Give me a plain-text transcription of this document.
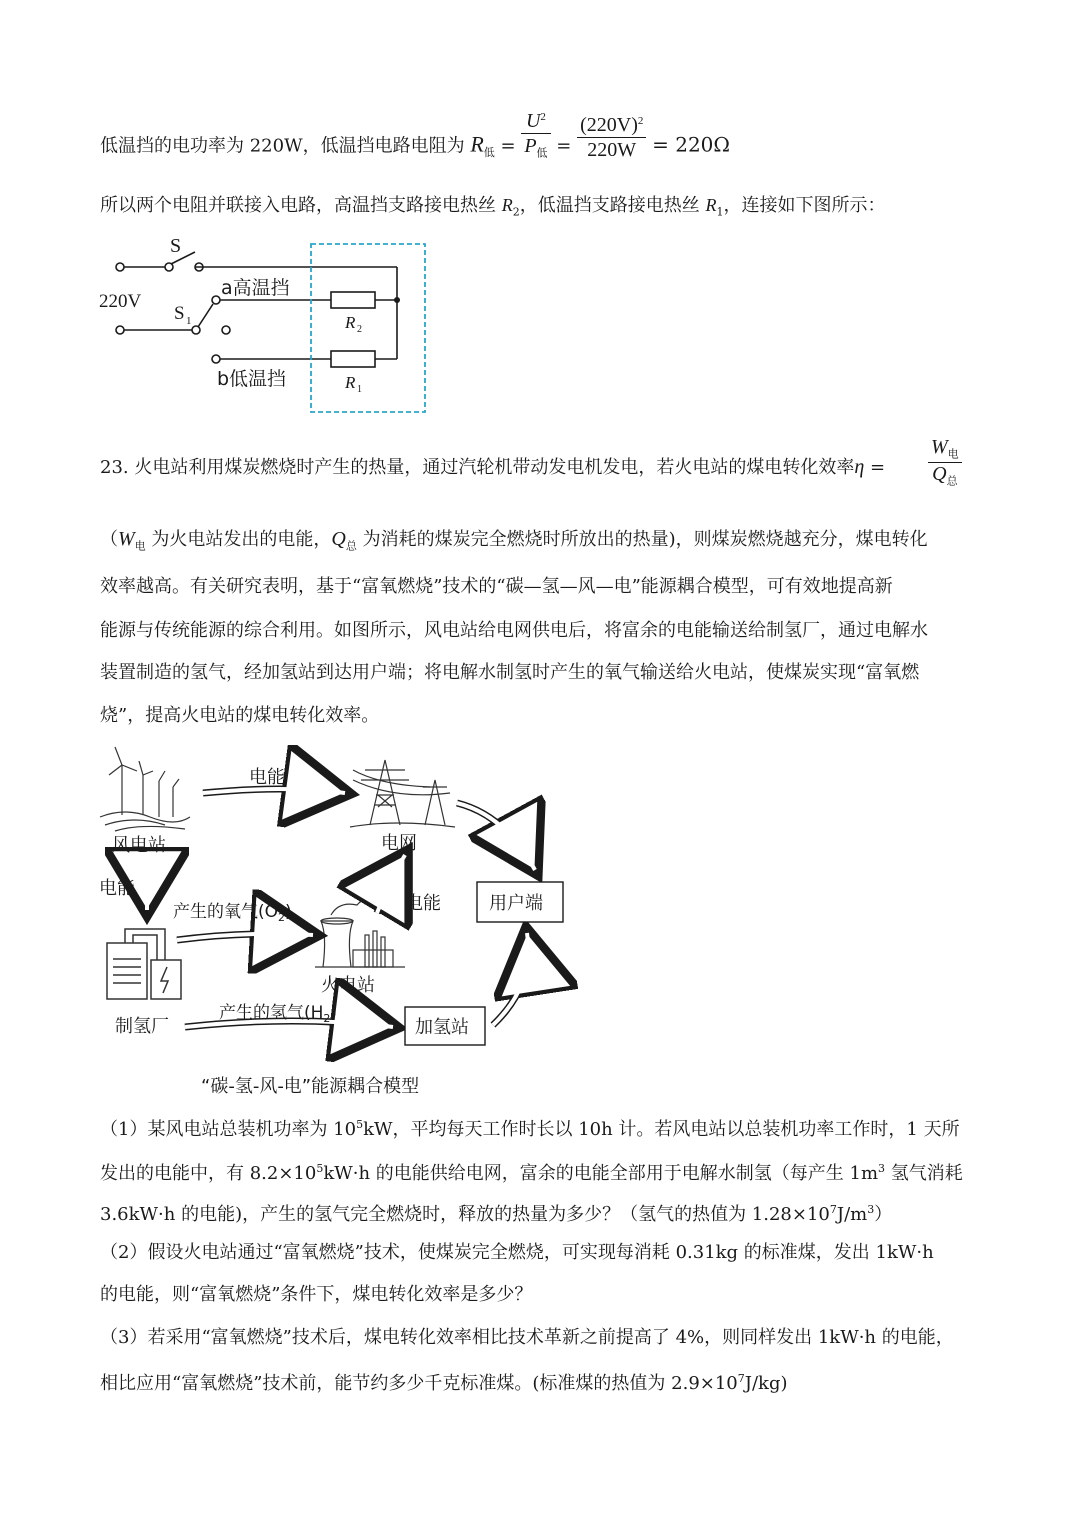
低温挡的电功率为 220W，低温挡电路电阻为 $R_低 = \frac{U^2}{P_低} = \frac{(220V)^2}{220W} = 220\Omega$
所以两个电阻并联接入电路，高温挡支路接电热丝 $R_2$，低温挡支路接电热丝 $R_1$，连接如下图所示：
S
220V
S 1
a高温挡
b低温挡
R 2
R 1
23. 火电站利用煤炭燃烧时产生的热量，通过汽轮机带动发电机发电，若火电站的煤电转化效率η =
$W_电$
$Q_总$
（$W_电$ 为火电站发出的电能，$Q_总$ 为消耗的煤炭完全燃烧时所放出的热量)，则煤炭燃烧越充分，煤电转化
效率越高。有关研究表明，基于“富氧燃烧”技术的“碳—氢—风—电”能源耦合模型，可有效地提高新
能源与传统能源的综合利用。如图所示，风电站给电网供电后，将富余的电能输送给制氢厂，通过电解水
装置制造的氢气，经加氢站到达用户端；将电解水制氢时产生的氧气输送给火电站，使煤炭实现“富氧燃
烧”，提高火电站的煤电转化效率。
风电站
电能
电网
电能
电能
产生的氧气$(O_2)$	用户端
火电站
制氢厂
产生的氢气$(H_2)$
加氢站
“碳-氢-风-电”能源耦合模型
（1）某风电站总装机功率为 $10^5kW$，平均每天工作时长以 10h 计。若风电站以总装机功率工作时，1 天所
发出的电能中，有 $8.2\times 10^5kW\cdot h$ 的电能供给电网，富余的电能全部用于电解水制氢（每产生 $1m^3$ 氢气消耗
3.6kW·h 的电能)，产生的氢气完全燃烧时，释放的热量为多少？（氢气的热值为 $1.28\times 10^7J/m^3$）
（2）假设火电站通过“富氧燃烧”技术，使煤炭完全燃烧，可实现每消耗 0.31kg 的标准煤，发出 1kW·h
的电能，则“富氧燃烧”条件下，煤电转化效率是多少？
（3）若采用“富氧燃烧”技术后，煤电转化效率相比技术革新之前提高了 4%，则同样发出 1kW·h 的电能，
相比应用“富氧燃烧”技术前，能节约多少千克标准煤。(标准煤的热值为 $2.9\times 10^7J/kg$)
